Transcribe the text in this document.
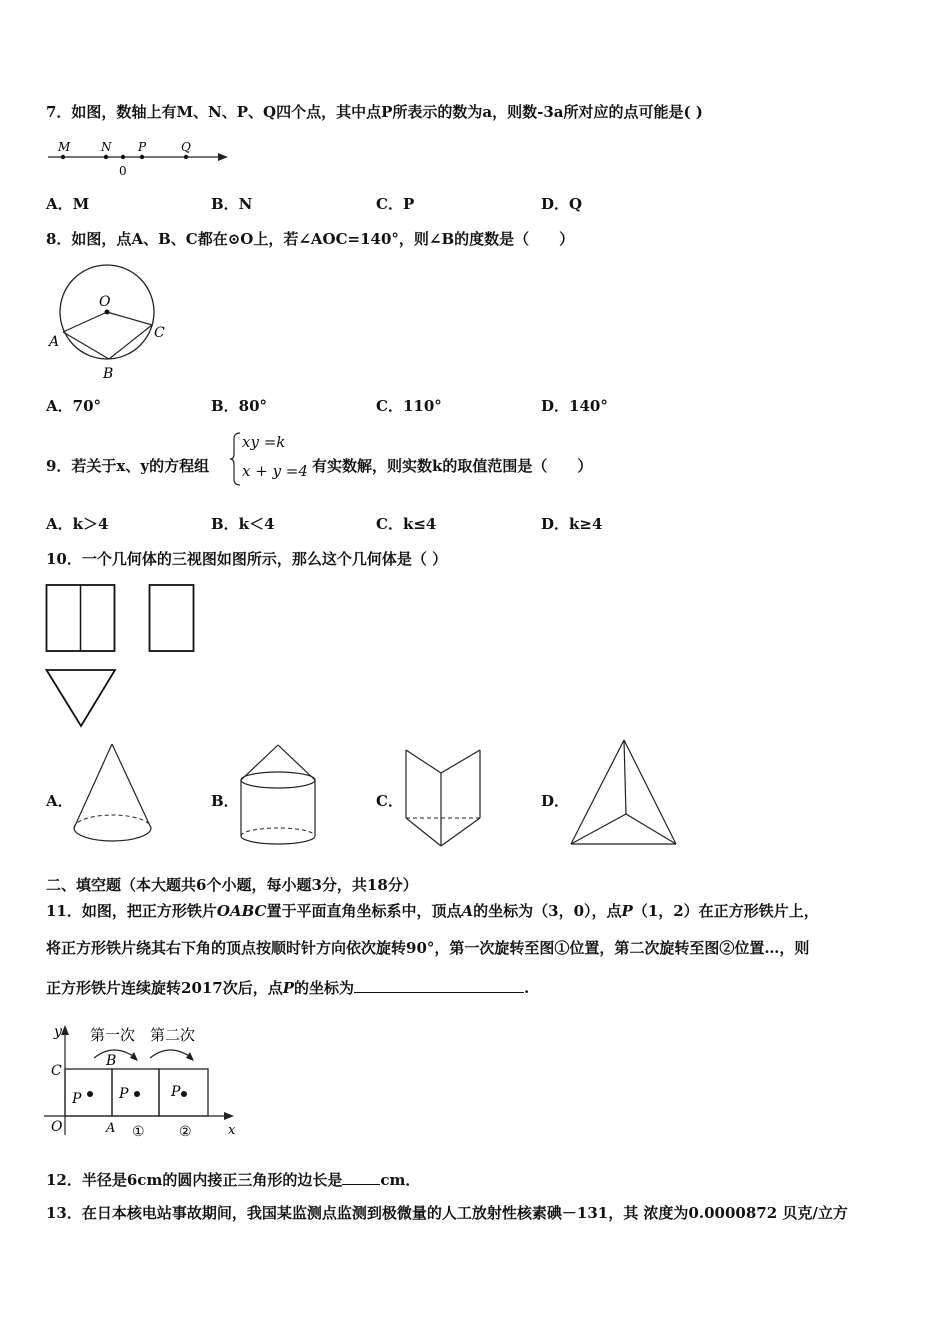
7．如图，数轴上有M、N、P、Q四个点，其中点P所表示的数为a，则数-3a所对应的点可能是( )
M	N P	Q
0
A．M	B．N	C．P	D．Q
8．如图，点A、B、C都在⊙O上，若∠AOC=140°，则∠B的度数是（　　）
O
A
B
C
A．70°	B．80°	C．110°	D．140°
9．若关于x、y的方程组
xy =k
x + y =4 有实数解，则实数k的取值范围是（　　）
A．k＞4	B．k＜4	C．k≤4	D．k≥4
10．一个几何体的三视图如图所示，那么这个几何体是（ ）
A．	B．	C．	D．
二、填空题（本大题共6个小题，每小题3分，共18分）
11．如图，把正方形铁片OABC置于平面直角坐标系中，顶点A的坐标为（3，0），点P（1，2）在正方形铁片上，
将正方形铁片绕其右下角的顶点按顺时针方向依次旋转90°，第一次旋转至图①位置，第二次旋转至图②位置…，则
正方形铁片连续旋转2017次后，点P的坐标为	.
y
x
C
O	A
B
P	P	P
第一次 第二次
① ②
12．半径是6cm的圆内接正三角形的边长是	cm．
13．在日本核电站事故期间，我国某监测点监测到极微量的人工放射性核素碘－131，其 浓度为0.0000872 贝克/立方
